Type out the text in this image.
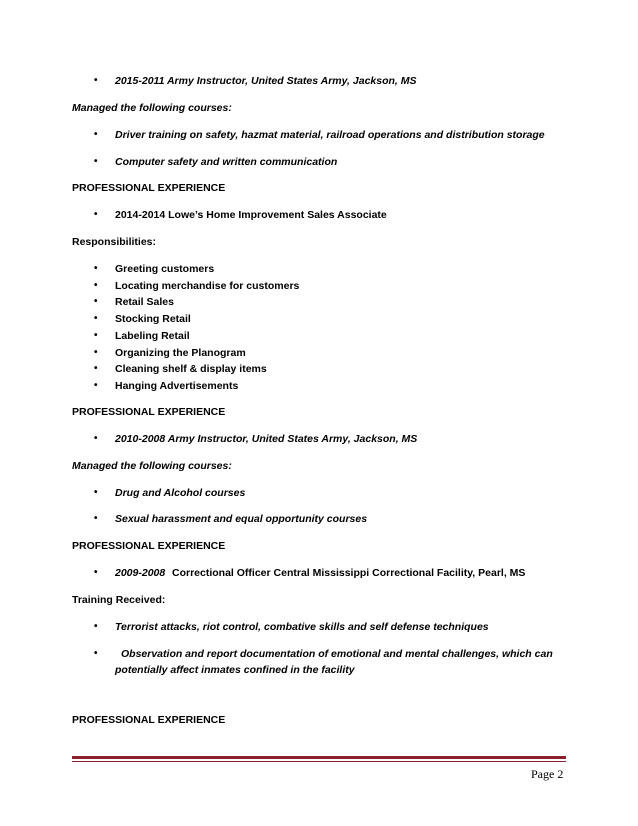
• 2015-2011 Army Instructor, United States Army, Jackson, MS
Managed the following courses:
• Driver training on safety, hazmat material, railroad operations and distribution storage
• Computer safety and written communication
PROFESSIONAL EXPERIENCE
• 2014-2014 Lowe’s Home Improvement Sales Associate
Responsibilities:
• Greeting customers
• Locating merchandise for customers
• Retail Sales
• Stocking Retail
• Labeling Retail
• Organizing the Planogram
• Cleaning shelf & display items
• Hanging Advertisements
PROFESSIONAL EXPERIENCE
• 2010-2008 Army Instructor, United States Army, Jackson, MS
Managed the following courses:
• Drug and Alcohol courses
• Sexual harassment and equal opportunity courses
PROFESSIONAL EXPERIENCE
• 2009-2008 Correctional Officer Central Mississippi Correctional Facility, Pearl, MS
Training Received:
• Terrorist attacks, riot control, combative skills and self defense techniques
• Observation and report documentation of emotional and mental challenges, which can
potentially affect inmates confined in the facility
PROFESSIONAL EXPERIENCE
Page 2
